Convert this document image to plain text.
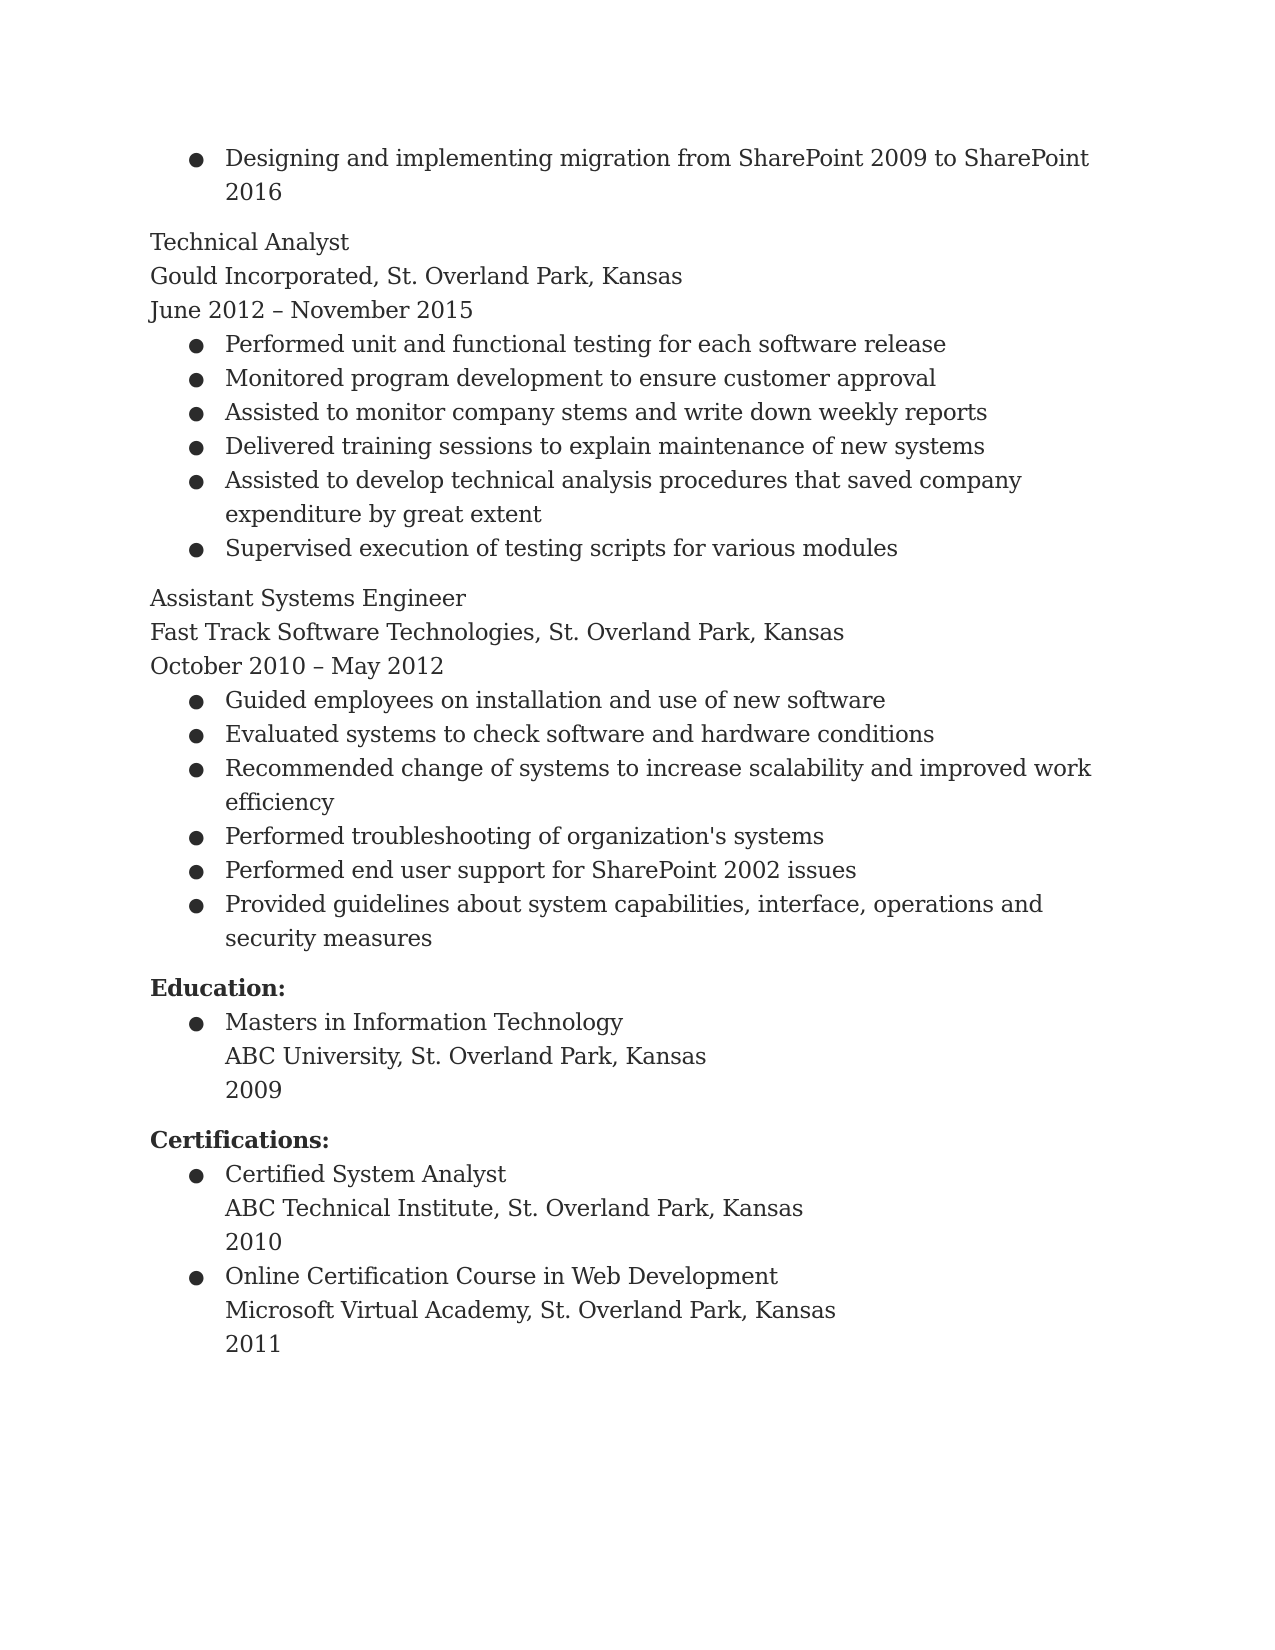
● Designing and implementing migration from SharePoint 2009 to SharePoint 2016
Technical Analyst
Gould Incorporated, St. Overland Park, Kansas
June 2012 – November 2015
● Performed unit and functional testing for each software release
● Monitored program development to ensure customer approval
● Assisted to monitor company stems and write down weekly reports
● Delivered training sessions to explain maintenance of new systems
● Assisted to develop technical analysis procedures that saved company expenditure by great extent
● Supervised execution of testing scripts for various modules
Assistant Systems Engineer
Fast Track Software Technologies, St. Overland Park, Kansas
October 2010 – May 2012
● Guided employees on installation and use of new software
● Evaluated systems to check software and hardware conditions
● Recommended change of systems to increase scalability and improved work efficiency
● Performed troubleshooting of organization's systems
● Performed end user support for SharePoint 2002 issues
● Provided guidelines about system capabilities, interface, operations and security measures
Education:
● Masters in Information Technology
ABC University, St. Overland Park, Kansas
2009
Certifications:
● Certified System Analyst
ABC Technical Institute, St. Overland Park, Kansas
2010
● Online Certification Course in Web Development
Microsoft Virtual Academy, St. Overland Park, Kansas
2011
